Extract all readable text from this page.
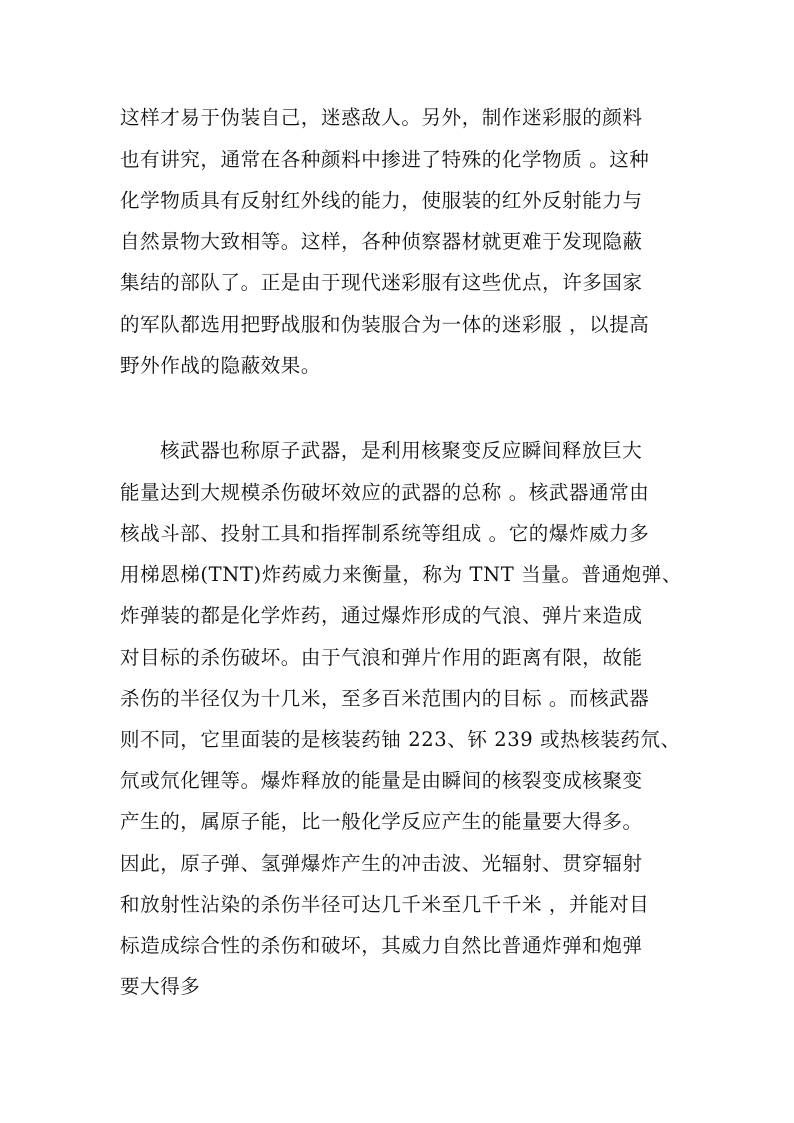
这样才易于伪装自己，迷惑敌人。另外，制作迷彩服的颜料
也有讲究，通常在各种颜料中掺进了特殊的化学物质 。这种
化学物质具有反射红外线的能力，使服装的红外反射能力与
自然景物大致相等。这样，各种侦察器材就更难于发现隐蔽
集结的部队了。正是由于现代迷彩服有这些优点，许多国家
的军队都选用把野战服和伪装服合为一体的迷彩服 ，以提高
野外作战的隐蔽效果。
核武器也称原子武器，是利用核聚变反应瞬间释放巨大
能量达到大规模杀伤破坏效应的武器的总称 。核武器通常由
核战斗部、投射工具和指挥制系统等组成 。它的爆炸威力多
用梯恩梯(TNT)炸药威力来衡量，称为 TNT 当量。普通炮弹、
炸弹装的都是化学炸药，通过爆炸形成的气浪、弹片来造成
对目标的杀伤破坏。由于气浪和弹片作用的距离有限，故能
杀伤的半径仅为十几米，至多百米范围内的目标 。而核武器
则不同，它里面装的是核装药铀 223、钚 239 或热核装药氘、
氘或氘化锂等。爆炸释放的能量是由瞬间的核裂变成核聚变
产生的，属原子能，比一般化学反应产生的能量要大得多。
因此，原子弹、氢弹爆炸产生的冲击波、光辐射、贯穿辐射
和放射性沾染的杀伤半径可达几千米至几千千米 ，并能对目
标造成综合性的杀伤和破坏，其威力自然比普通炸弹和炮弹
要大得多
